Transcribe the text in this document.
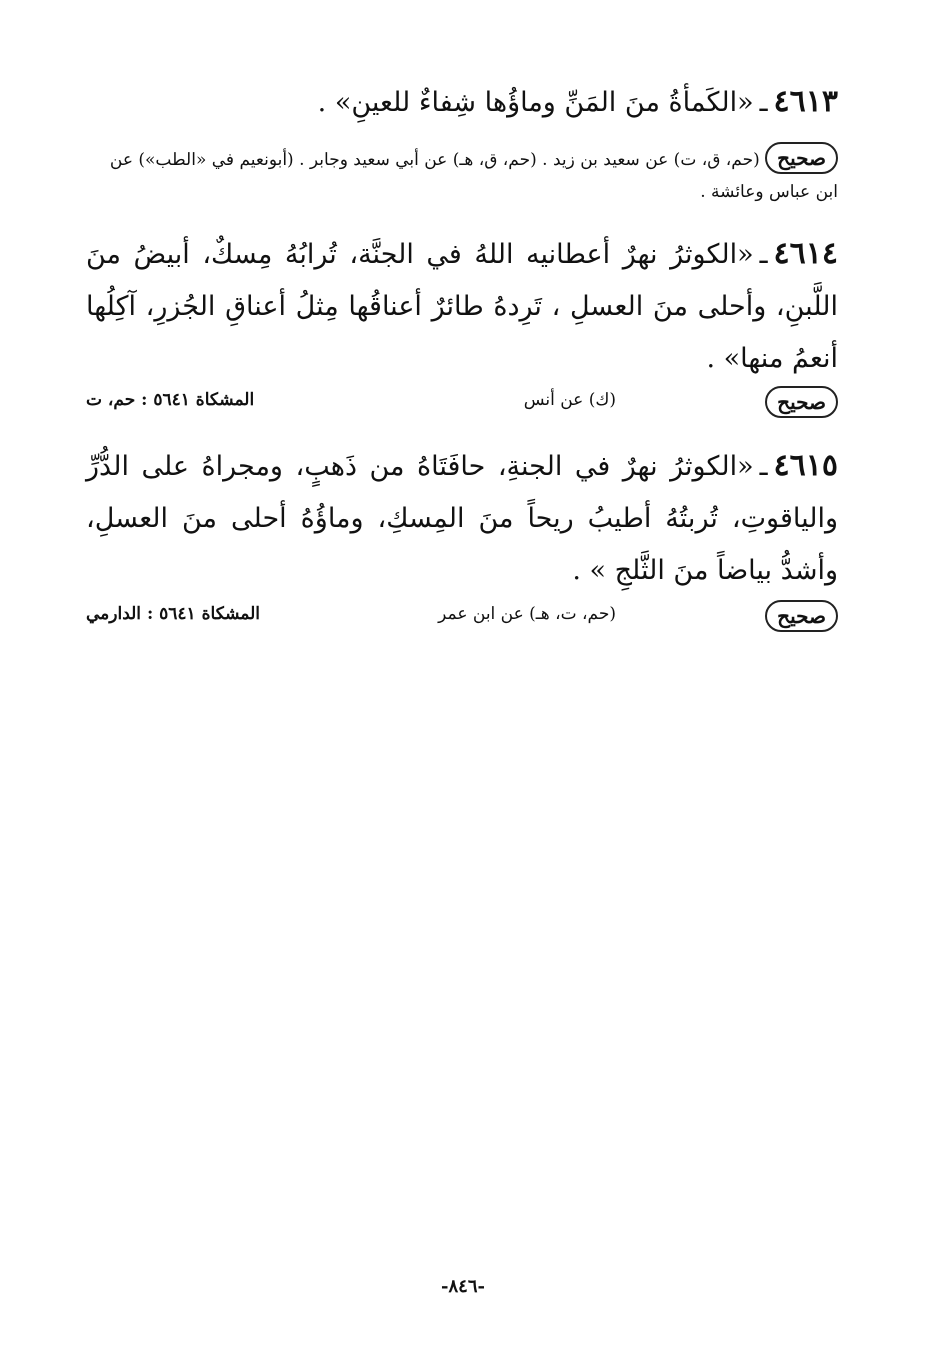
٤٦١٣ـ«الكَمأةُ منَ المَنِّ وماؤُها شِفاءٌ للعينِ» .
صحيح (حم، ق، ت) عن سعيد بن زيد . (حم، ق، هـ) عن أبي سعيد وجابر . (أبونعيم في «الطب») عن ابن عباس وعائشة .
٤٦١٤ـ«الكوثرُ نهرٌ أعطانيه اللهُ في الجنَّة، تُرابُهُ مِسكٌ، أبيضُ منَ اللَّبنِ، وأحلى منَ العسلِ ، تَرِدهُ طائرٌ أعناقُها مِثلُ أعناقِ الجُزرِ، آكِلُها أنعمُ منها» .
صحيح
(ك) عن أنس
المشكاة ٥٦٤١ : حم، ت
٤٦١٥ـ«الكوثرُ نهرٌ في الجنةِ، حافَتَاهُ من ذَهبٍ، ومجراهُ على الدُّرِّ والياقوتِ، تُربتُهُ أطيبُ ريحاً منَ المِسكِ، وماؤُهُ أحلى منَ العسلِ، وأشدُّ بياضاً منَ الثَّلجِ » .
صحيح
(حم، ت، هـ) عن ابن عمر
المشكاة ٥٦٤١ : الدارمي
-٨٤٦-
